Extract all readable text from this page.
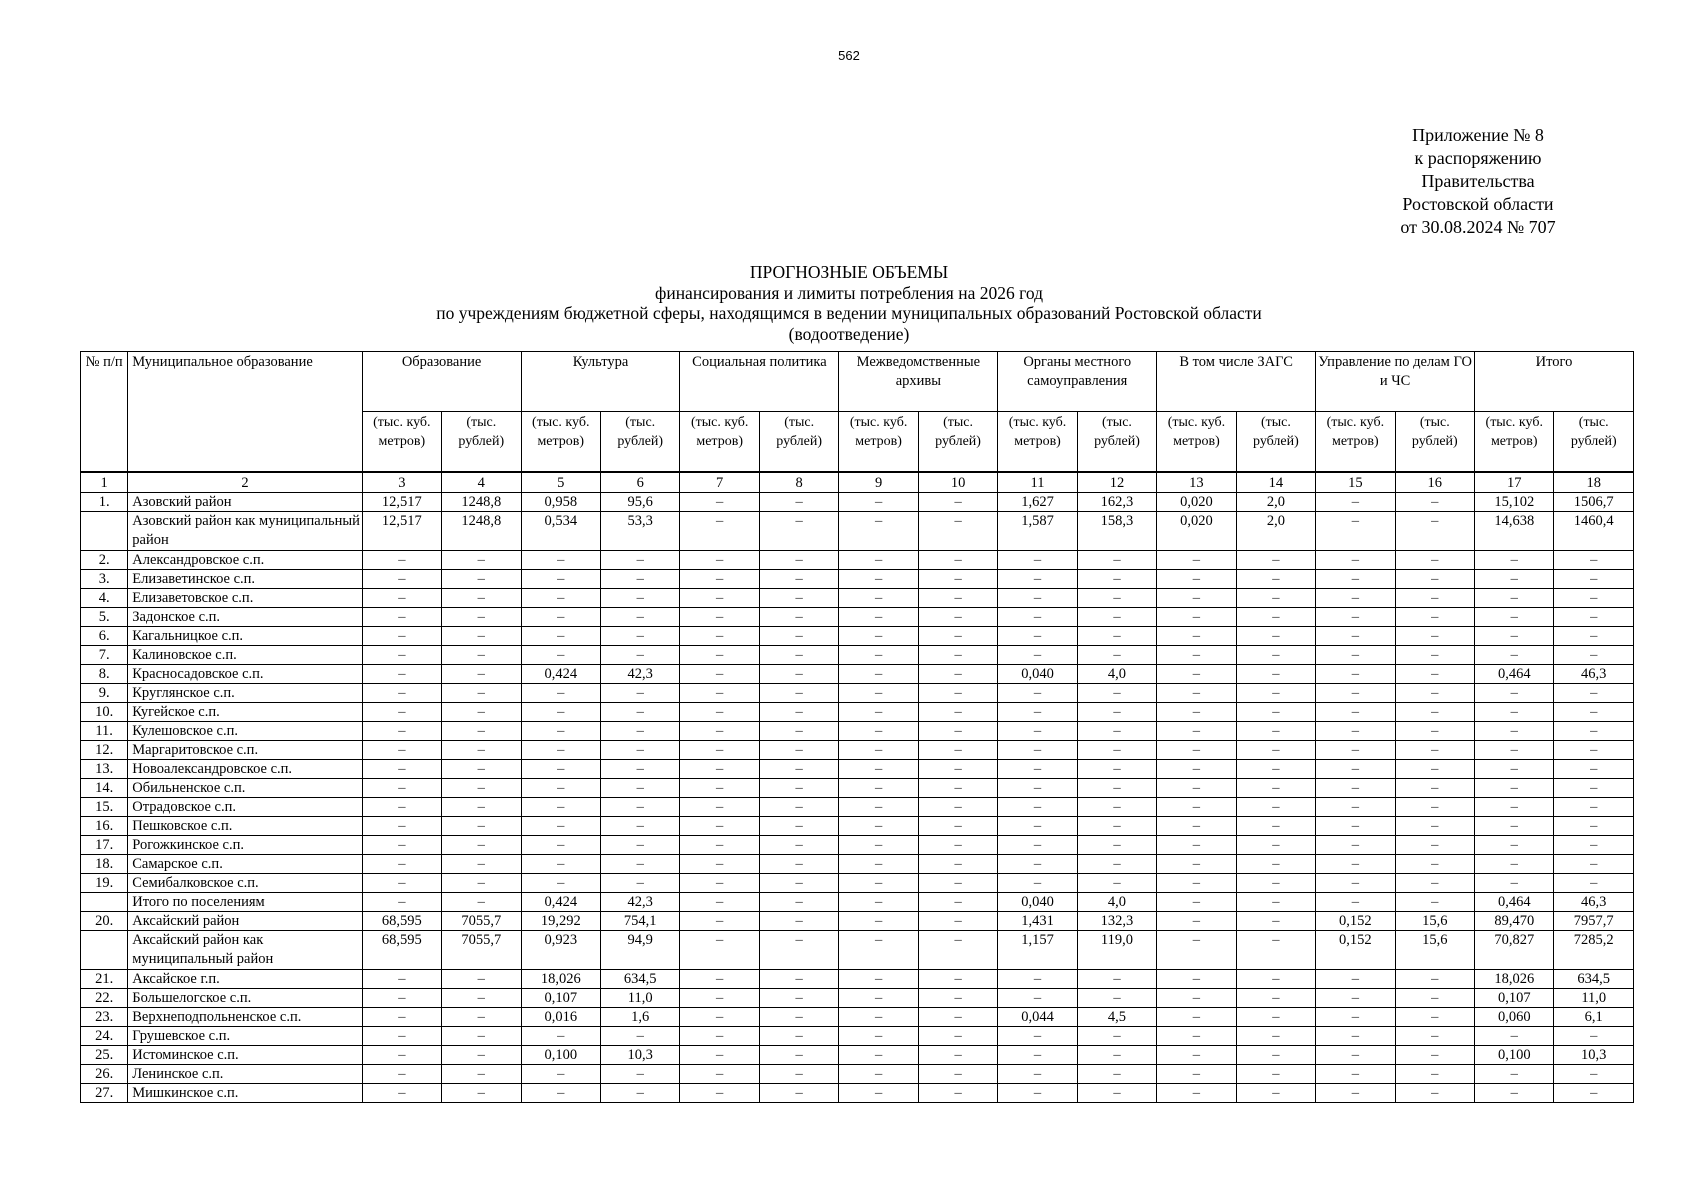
562
Приложение № 8
к распоряжению
Правительства
Ростовской области
от 30.08.2024 № 707
ПРОГНОЗНЫЕ ОБЪЕМЫ
финансирования и лимиты потребления на 2026 год
по учреждениям бюджетной сферы, находящимся в ведении муниципальных образований Ростовской области
(водоотведение)
№ п/п	Муниципальное образование	Образование		Культура		Социальная политика		Межведомственные архивы		Органы местного самоуправления		В том числе ЗАГС		Управление по делам ГО и ЧС		Итого	
		(тыс. куб. метров)	(тыс. рублей)	(тыс. куб. метров)	(тыс. рублей)	(тыс. куб. метров)	(тыс. рублей)	(тыс. куб. метров)	(тыс. рублей)	(тыс. куб. метров)	(тыс. рублей)	(тыс. куб. метров)	(тыс. рублей)	(тыс. куб. метров)	(тыс. рублей)	(тыс. куб. метров)	(тыс. рублей)
1	2	3	4	5	6	7	8	9	10	11	12	13	14	15	16	17	18
1.	Азовский район	12,517	1248,8	0,958	95,6	–	–	–	–	1,627	162,3	0,020	2,0	–	–	15,102	1506,7
	Азовский район как муниципальный район	12,517	1248,8	0,534	53,3	–	–	–	–	1,587	158,3	0,020	2,0	–	–	14,638	1460,4
2.	Александровское с.п.	–	–	–	–	–	–	–	–	–	–	–	–	–	–	–	–
3.	Елизаветинское с.п.	–	–	–	–	–	–	–	–	–	–	–	–	–	–	–	–
4.	Елизаветовское с.п.	–	–	–	–	–	–	–	–	–	–	–	–	–	–	–	–
5.	Задонское с.п.	–	–	–	–	–	–	–	–	–	–	–	–	–	–	–	–
6.	Кагальницкое с.п.	–	–	–	–	–	–	–	–	–	–	–	–	–	–	–	–
7.	Калиновское с.п.	–	–	–	–	–	–	–	–	–	–	–	–	–	–	–	–
8.	Красносадовское с.п.	–	–	0,424	42,3	–	–	–	–	0,040	4,0	–	–	–	–	0,464	46,3
9.	Круглянское с.п.	–	–	–	–	–	–	–	–	–	–	–	–	–	–	–	–
10.	Кугейское с.п.	–	–	–	–	–	–	–	–	–	–	–	–	–	–	–	–
11.	Кулешовское с.п.	–	–	–	–	–	–	–	–	–	–	–	–	–	–	–	–
12.	Маргаритовское с.п.	–	–	–	–	–	–	–	–	–	–	–	–	–	–	–	–
13.	Новоалександровское с.п.	–	–	–	–	–	–	–	–	–	–	–	–	–	–	–	–
14.	Обильненское с.п.	–	–	–	–	–	–	–	–	–	–	–	–	–	–	–	–
15.	Отрадовское с.п.	–	–	–	–	–	–	–	–	–	–	–	–	–	–	–	–
16.	Пешковское с.п.	–	–	–	–	–	–	–	–	–	–	–	–	–	–	–	–
17.	Рогожкинское с.п.	–	–	–	–	–	–	–	–	–	–	–	–	–	–	–	–
18.	Самарское с.п.	–	–	–	–	–	–	–	–	–	–	–	–	–	–	–	–
19.	Семибалковское с.п.	–	–	–	–	–	–	–	–	–	–	–	–	–	–	–	–
	Итого по поселениям	–	–	0,424	42,3	–	–	–	–	0,040	4,0	–	–	–	–	0,464	46,3
20.	Аксайский район	68,595	7055,7	19,292	754,1	–	–	–	–	1,431	132,3	–	–	0,152	15,6	89,470	7957,7
	Аксайский район как муниципальный район	68,595	7055,7	0,923	94,9	–	–	–	–	1,157	119,0	–	–	0,152	15,6	70,827	7285,2
21.	Аксайское г.п.	–	–	18,026	634,5	–	–	–	–	–	–	–	–	–	–	18,026	634,5
22.	Большелогское с.п.	–	–	0,107	11,0	–	–	–	–	–	–	–	–	–	–	0,107	11,0
23.	Верхнеподпольненское с.п.	–	–	0,016	1,6	–	–	–	–	0,044	4,5	–	–	–	–	0,060	6,1
24.	Грушевское с.п.	–	–	–	–	–	–	–	–	–	–	–	–	–	–	–	–
25.	Истоминское с.п.	–	–	0,100	10,3	–	–	–	–	–	–	–	–	–	–	0,100	10,3
26.	Ленинское с.п.	–	–	–	–	–	–	–	–	–	–	–	–	–	–	–	–
27.	Мишкинское с.п.	–	–	–	–	–	–	–	–	–	–	–	–	–	–	–	–
